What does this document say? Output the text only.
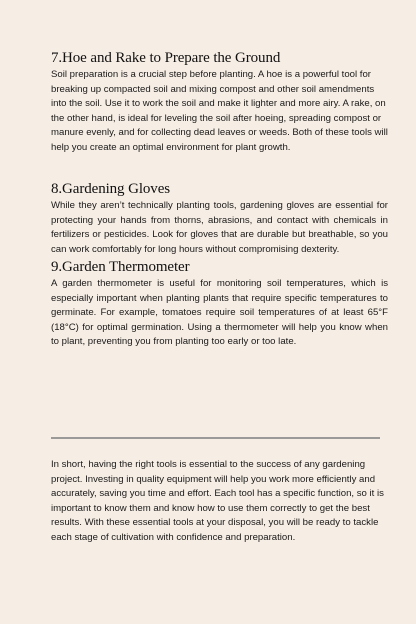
7.Hoe and Rake to Prepare the Ground

Soil preparation is a crucial step before planting. A hoe is a powerful tool for breaking up compacted soil and mixing compost and other soil amendments into the soil. Use it to work the soil and make it lighter and more airy. A rake, on the other hand, is ideal for leveling the soil after hoeing, spreading compost or manure evenly, and for collecting dead leaves or weeds. Both of these tools will help you create an optimal environment for plant growth.

8.Gardening Gloves

While they aren’t technically planting tools, gardening gloves are essential for protecting your hands from thorns, abrasions, and contact with chemicals in fertilizers or pesticides. Look for gloves that are durable but breathable, so you can work comfortably for long hours without compromising dexterity.

9.Garden Thermometer

A garden thermometer is useful for monitoring soil temperatures, which is especially important when planting plants that require specific temperatures to germinate. For example, tomatoes require soil temperatures of at least 65°F (18°C) for optimal germination. Using a thermometer will help you know when to plant, preventing you from planting too early or too late.

In short, having the right tools is essential to the success of any gardening project. Investing in quality equipment will help you work more efficiently and accurately, saving you time and effort. Each tool has a specific function, so it is important to know them and know how to use them correctly to get the best results. With these essential tools at your disposal, you will be ready to tackle each stage of cultivation with confidence and preparation.
